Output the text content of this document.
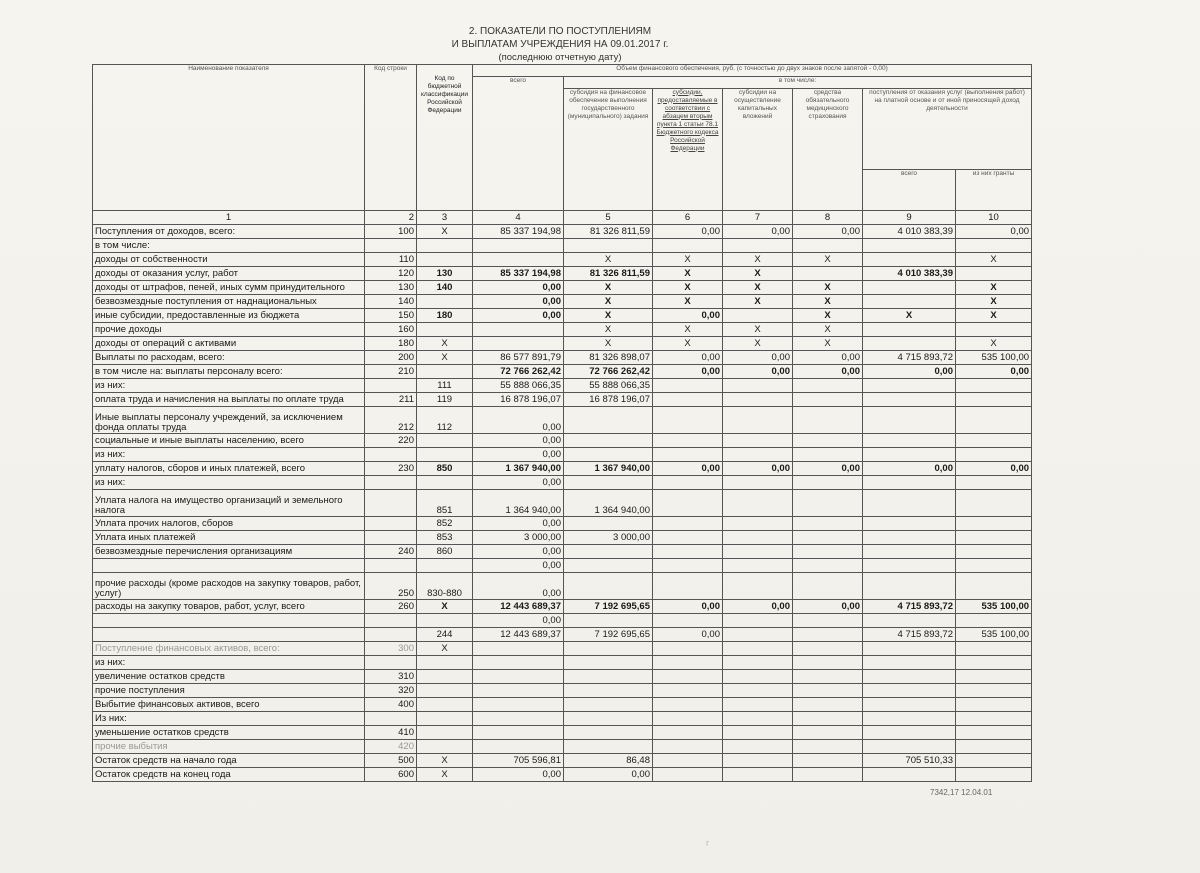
2. ПОКАЗАТЕЛИ ПО ПОСТУПЛЕНИЯМ
И ВЫПЛАТАМ УЧРЕЖДЕНИЯ НА 09.01.2017 г.
(последнюю отчетную дату)
Наименование показателя	Код строки	Код по бюджетной классификации Российской Федерации	Объем финансового обеспечения, руб. (с точностью до двух знаков после запятой - 0,00)						
			всего	в том числе:					
				субсидия на финансовое обеспечение выполнения государственного (муниципального) задания	субсидии, предоставляемые в соответствии с абзацем вторым пункта 1 статьи 78.1 Бюджетного кодекса Российской Федерации	субсидии на осуществление капитальных вложений	средства обязательного медицинского страхования	поступления от оказания услуг (выполнения работ) на платной основе и от иной приносящей доход деятельности	
								всего	из них гранты
1	2	3	4	5	6	7	8	9	10
Поступления от доходов, всего:	100	X	85 337 194,98	81 326 811,59	0,00	0,00	0,00	4 010 383,39	0,00
в том числе:									
доходы от собственности	110			X	X	X	X		X
доходы от оказания услуг, работ	120	130	85 337 194,98	81 326 811,59	X	X		4 010 383,39	
доходы от штрафов, пеней, иных сумм принудительного	130	140	0,00	X	X	X	X		X
безвозмездные поступления от наднациональных	140		0,00	X	X	X	X		X
иные субсидии, предоставленные из бюджета	150	180	0,00	X	0,00		X	X	X
прочие доходы	160			X	X	X	X		
доходы от операций с активами	180	X		X	X	X	X		X
Выплаты по расходам, всего:	200	X	86 577 891,79	81 326 898,07	0,00	0,00	0,00	4 715 893,72	535 100,00
в том числе на: выплаты персоналу всего:	210		72 766 262,42	72 766 262,42	0,00	0,00	0,00	0,00	0,00
из них:		111	55 888 066,35	55 888 066,35					
оплата труда и начисления на выплаты по оплате труда	211	119	16 878 196,07	16 878 196,07					
Иные выплаты персоналу учреждений, за исключением фонда оплаты труда	212	112	0,00						
социальные и иные выплаты населению, всего	220		0,00						
из них:			0,00						
уплату налогов, сборов и иных платежей, всего	230	850	1 367 940,00	1 367 940,00	0,00	0,00	0,00	0,00	0,00
из них:			0,00						
Уплата налога на имущество организаций и земельного налога		851	1 364 940,00	1 364 940,00					
Уплата прочих налогов, сборов		852	0,00						
Уплата иных платежей		853	3 000,00	3 000,00					
безвозмездные перечисления организациям	240	860	0,00						
			0,00						
прочие расходы (кроме расходов на закупку товаров, работ, услуг)	250	830-880	0,00						
расходы на закупку товаров, работ, услуг, всего	260	X	12 443 689,37	7 192 695,65	0,00	0,00	0,00	4 715 893,72	535 100,00
			0,00						
		244	12 443 689,37	7 192 695,65	0,00			4 715 893,72	535 100,00
Поступление финансовых активов, всего:	300	X							
из них:									
увеличение остатков средств	310								
прочие поступления	320								
Выбытие финансовых активов, всего	400								
Из них:									
уменьшение остатков средств	410								
прочие выбытия	420								
Остаток средств на начало года	500	X	705 596,81	86,48				705 510,33	
Остаток средств на конец года	600	X	0,00	0,00					
7342,17 12.04.01
г
